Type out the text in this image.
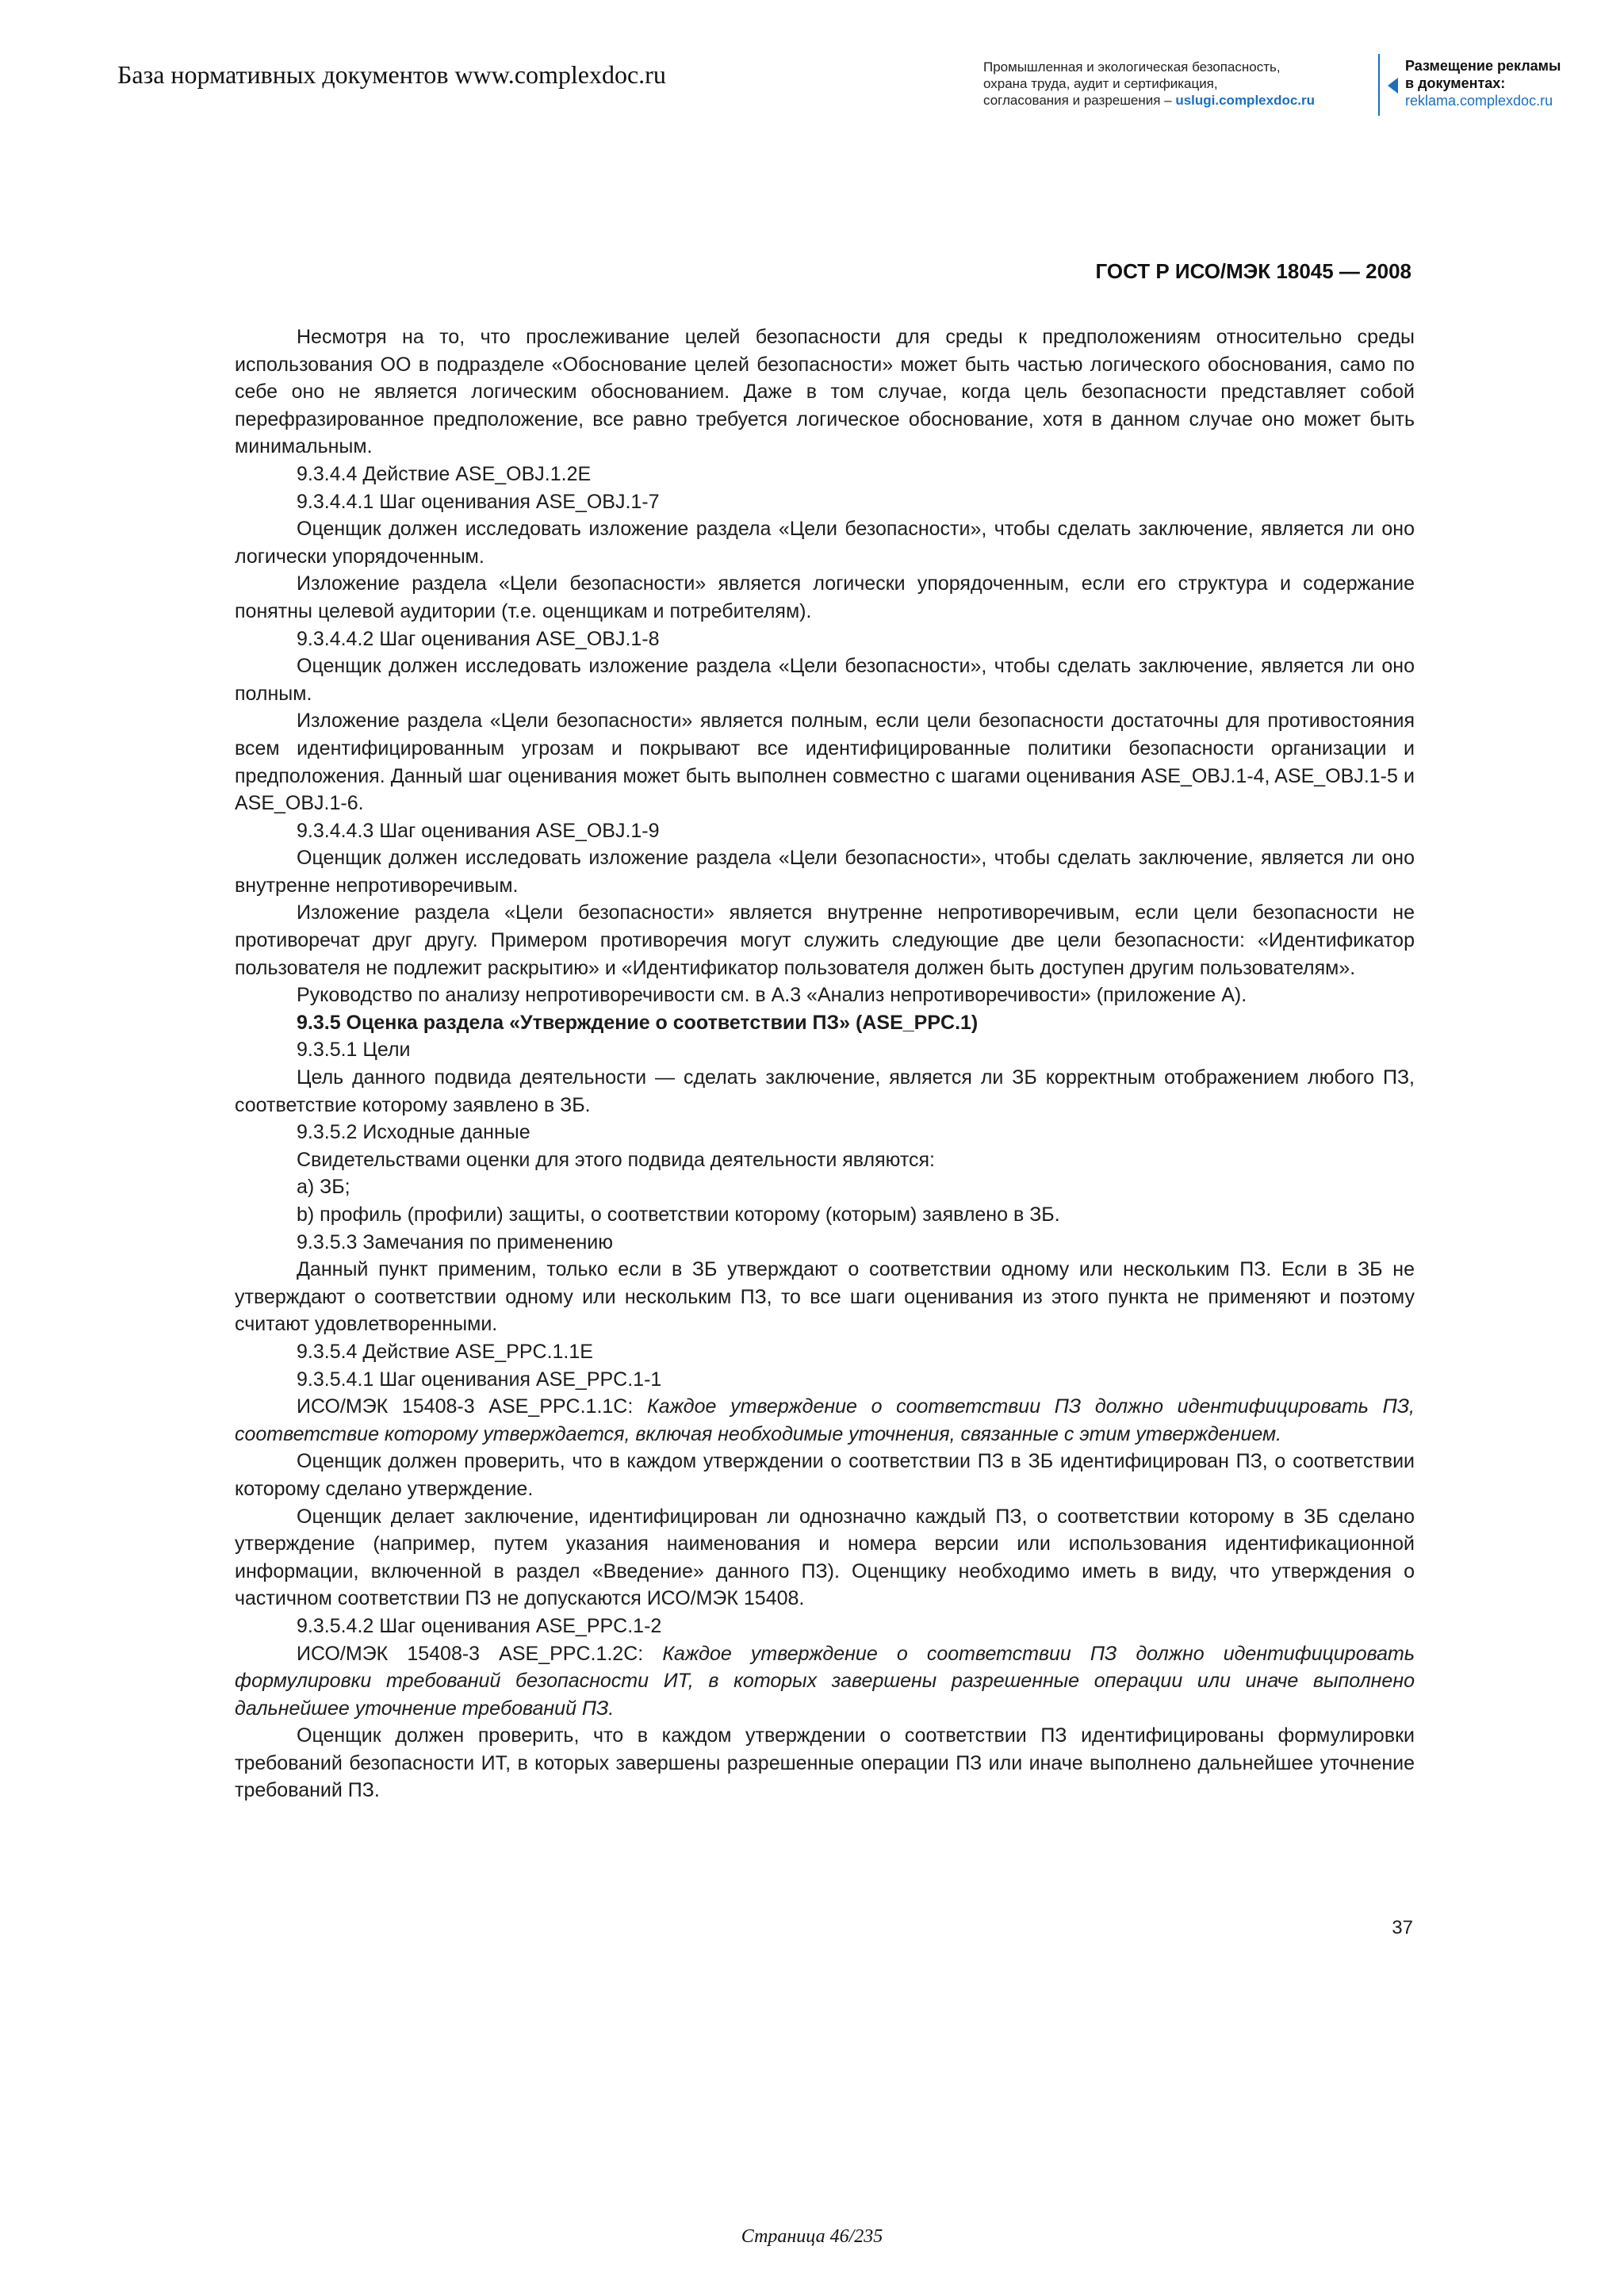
База нормативных документов www.complexdoc.ru	Промышленная и экологическая безопасность,
охрана труда, аудит и сертификация,
согласования и разрешения – uslugi.complexdoc.ru
Размещение рекламы
в документах:
reklama.complexdoc.ru
ГОСТ Р ИСО/МЭК 18045 — 2008

Несмотря на то, что прослеживание целей безопасности для среды к предположениям относительно среды использования ОО в подразделе «Обоснование целей безопасности» может быть частью логического обоснования, само по себе оно не является логическим обоснованием. Даже в том случае, когда цель безопасности представляет собой перефразированное предположение, все равно требуется логическое обоснование, хотя в данном случае оно может быть минимальным.

9.3.4.4 Действие ASE_OBJ.1.2E

9.3.4.4.1 Шаг оценивания ASE_OBJ.1-7

Оценщик должен исследовать изложение раздела «Цели безопасности», чтобы сделать заключение, является ли оно логически упорядоченным.

Изложение раздела «Цели безопасности» является логически упорядоченным, если его структура и содержание понятны целевой аудитории (т.е. оценщикам и потребителям).

9.3.4.4.2 Шаг оценивания ASE_OBJ.1-8

Оценщик должен исследовать изложение раздела «Цели безопасности», чтобы сделать заключение, является ли оно полным.

Изложение раздела «Цели безопасности» является полным, если цели безопасности достаточны для противостояния всем идентифицированным угрозам и покрывают все идентифицированные политики безопасности организации и предположения. Данный шаг оценивания может быть выполнен совместно с шагами оценивания ASE_OBJ.1-4, ASE_OBJ.1-5 и ASE_OBJ.1-6.

9.3.4.4.3 Шаг оценивания ASE_OBJ.1-9

Оценщик должен исследовать изложение раздела «Цели безопасности», чтобы сделать заключение, является ли оно внутренне непротиворечивым.

Изложение раздела «Цели безопасности» является внутренне непротиворечивым, если цели безопасности не противоречат друг другу. Примером противоречия могут служить следующие две цели безопасности: «Идентификатор пользователя не подлежит раскрытию» и «Идентификатор пользователя должен быть доступен другим пользователям».

Руководство по анализу непротиворечивости см. в А.3 «Анализ непротиворечивости» (приложение А).

9.3.5 Оценка раздела «Утверждение о соответствии ПЗ» (ASE_PPC.1)

9.3.5.1 Цели

Цель данного подвида деятельности — сделать заключение, является ли ЗБ корректным отображением любого ПЗ, соответствие которому заявлено в ЗБ.

9.3.5.2 Исходные данные

Свидетельствами оценки для этого подвида деятельности являются:

a) ЗБ;

b) профиль (профили) защиты, о соответствии которому (которым) заявлено в ЗБ.

9.3.5.3 Замечания по применению

Данный пункт применим, только если в ЗБ утверждают о соответствии одному или нескольким ПЗ. Если в ЗБ не утверждают о соответствии одному или нескольким ПЗ, то все шаги оценивания из этого пункта не применяют и поэтому считают удовлетворенными.

9.3.5.4 Действие ASE_PPC.1.1E

9.3.5.4.1 Шаг оценивания ASE_PPC.1-1

ИСО/МЭК 15408-3 ASE_PPC.1.1C: Каждое утверждение о соответствии ПЗ должно идентифицировать ПЗ, соответствие которому утверждается, включая необходимые уточнения, связанные с этим утверждением.

Оценщик должен проверить, что в каждом утверждении о соответствии ПЗ в ЗБ идентифицирован ПЗ, о соответствии которому сделано утверждение.

Оценщик делает заключение, идентифицирован ли однозначно каждый ПЗ, о соответствии которому в ЗБ сделано утверждение (например, путем указания наименования и номера версии или использования идентификационной информации, включенной в раздел «Введение» данного ПЗ). Оценщику необходимо иметь в виду, что утверждения о частичном соответствии ПЗ не допускаются ИСО/МЭК 15408.

9.3.5.4.2 Шаг оценивания ASE_PPC.1-2

ИСО/МЭК 15408-3 ASE_PPC.1.2C: Каждое утверждение о соответствии ПЗ должно идентифицировать формулировки требований безопасности ИТ, в которых завершены разрешенные операции или иначе выполнено дальнейшее уточнение требований ПЗ.

Оценщик должен проверить, что в каждом утверждении о соответствии ПЗ идентифицированы формулировки требований безопасности ИТ, в которых завершены разрешенные операции ПЗ или иначе выполнено дальнейшее уточнение требований ПЗ.

37
Страница 46/235
